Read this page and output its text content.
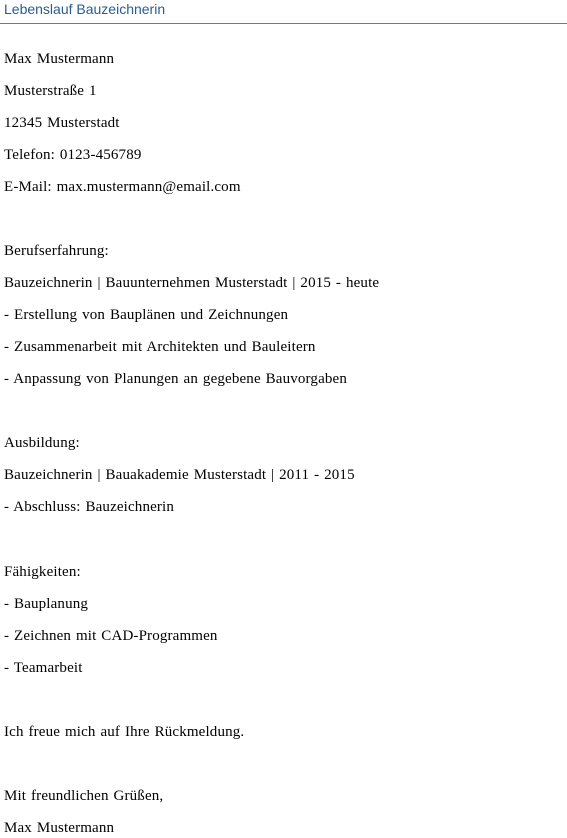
Lebenslauf Bauzeichnerin
Max Mustermann
Musterstraße 1
12345 Musterstadt
Telefon: 0123-456789
E-Mail: max.mustermann@email.com
Berufserfahrung:
Bauzeichnerin | Bauunternehmen Musterstadt | 2015 - heute
- Erstellung von Bauplänen und Zeichnungen
- Zusammenarbeit mit Architekten und Bauleitern
- Anpassung von Planungen an gegebene Bauvorgaben
Ausbildung:
Bauzeichnerin | Bauakademie Musterstadt | 2011 - 2015
- Abschluss: Bauzeichnerin
Fähigkeiten:
- Bauplanung
- Zeichnen mit CAD-Programmen
- Teamarbeit
Ich freue mich auf Ihre Rückmeldung.
Mit freundlichen Grüßen,
Max Mustermann
